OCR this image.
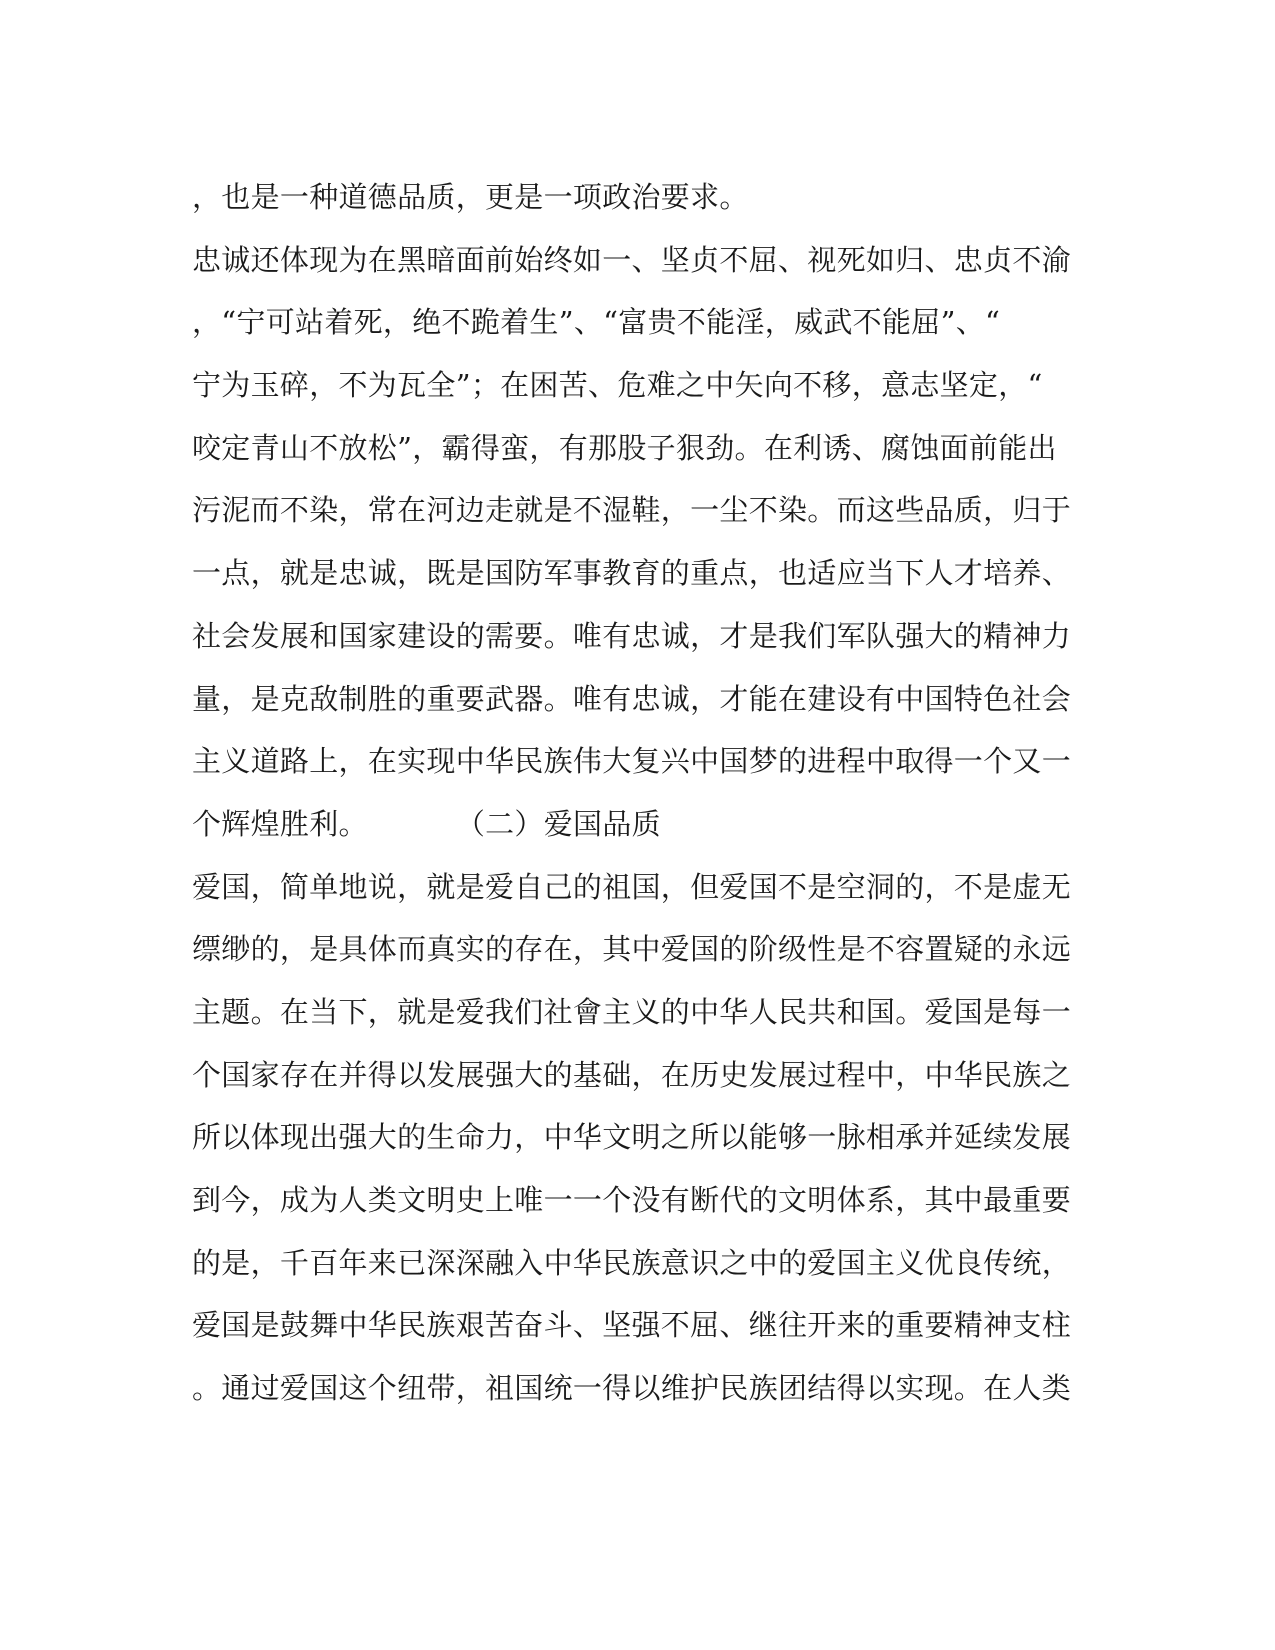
，也是一种道德品质，更是一项政治要求。
忠诚还体现为在黑暗面前始终如一、坚贞不屈、视死如归、忠贞不渝
，“宁可站着死，绝不跪着生”、“富贵不能淫，威武不能屈”、“
宁为玉碎，不为瓦全”；在困苦、危难之中矢向不移，意志坚定，“
咬定青山不放松”，霸得蛮，有那股子狠劲。在利诱、腐蚀面前能出
污泥而不染，常在河边走就是不湿鞋，一尘不染。而这些品质，归于
一点，就是忠诚，既是国防军事教育的重点，也适应当下人才培养、
社会发展和国家建设的需要。唯有忠诚，才是我们军队强大的精神力
量，是克敌制胜的重要武器。唯有忠诚，才能在建设有中国特色社会
主义道路上，在实现中华民族伟大复兴中国梦的进程中取得一个又一
个辉煌胜利。	（二）爱国品质
爱国，简单地说，就是爱自己的祖国，但爱国不是空洞的，不是虚无
缥缈的，是具体而真实的存在，其中爱国的阶级性是不容置疑的永远
主题。在当下，就是爱我们社會主义的中华人民共和国。爱国是每一
个国家存在并得以发展强大的基础，在历史发展过程中，中华民族之
所以体现出强大的生命力，中华文明之所以能够一脉相承并延续发展
到今，成为人类文明史上唯一一个没有断代的文明体系，其中最重要
的是，千百年来已深深融入中华民族意识之中的爱国主义优良传统，
爱国是鼓舞中华民族艰苦奋斗、坚强不屈、继往开来的重要精神支柱
。通过爱国这个纽带，祖国统一得以维护民族团结得以实现。在人类
